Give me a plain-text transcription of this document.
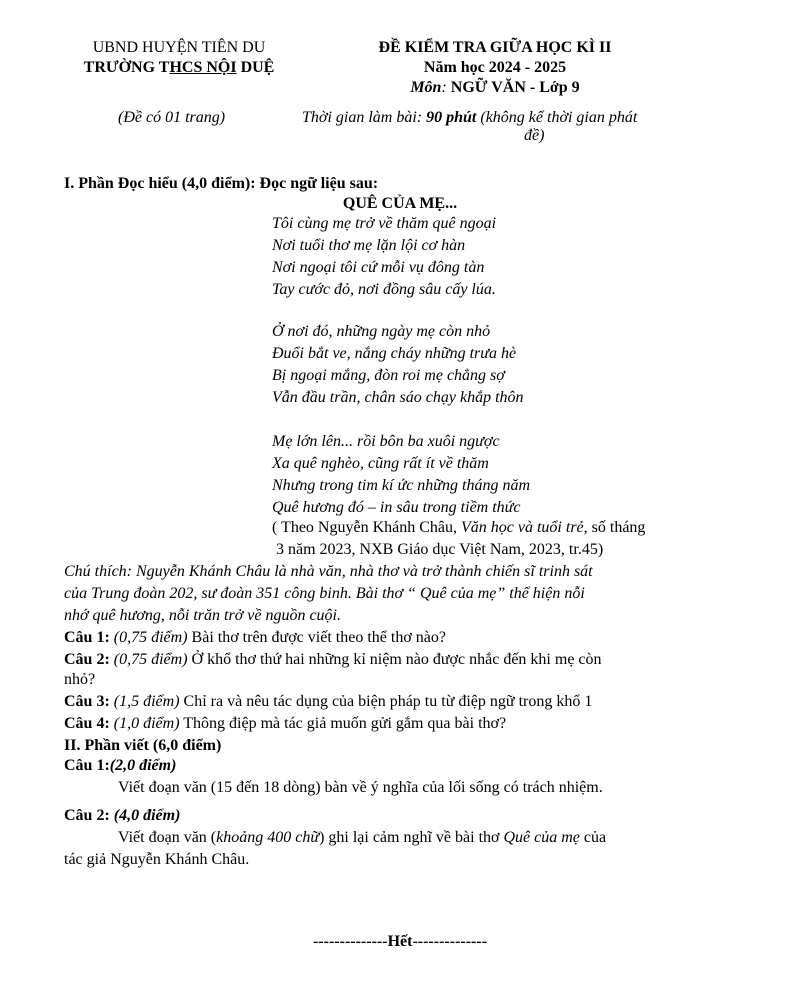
UBND HUYỆN TIÊN DU
TRƯỜNG THCS NỘI DUỆ
(Đề có 01 trang)
ĐỀ KIỂM TRA GIỮA HỌC KÌ II
Năm học 2024 - 2025
Môn: NGỮ VĂN - Lớp 9
Thời gian làm bài: 90 phút (không kể thời gian phát
đề)
I. Phần Đọc hiểu (4,0 điểm): Đọc ngữ liệu sau:
QUÊ CỦA MẸ...
Tôi cùng mẹ trở về thăm quê ngoại
Nơi tuổi thơ mẹ lặn lội cơ hàn
Nơi ngoại tôi cứ mỗi vụ đông tàn
Tay cước đỏ, nơi đồng sâu cấy lúa.
Ở nơi đó, những ngày mẹ còn nhỏ
Đuổi bắt ve, nắng cháy những trưa hè
Bị ngoại mắng, đòn roi mẹ chẳng sợ
Vẫn đầu trần, chân sáo chạy khắp thôn
Mẹ lớn lên... rồi bôn ba xuôi ngược
Xa quê nghèo, cũng rất ít về thăm
Nhưng trong tim kí ức những tháng năm
Quê hương đó – in sâu trong tiềm thức
( Theo Nguyễn Khánh Châu, Văn học và tuổi trẻ, số tháng
3 năm 2023, NXB Giáo dục Việt Nam, 2023, tr.45)
Chú thích: Nguyễn Khánh Châu là nhà văn, nhà thơ và trở thành chiến sĩ trinh sát
của Trung đoàn 202, sư đoàn 351 công binh. Bài thơ “ Quê của mẹ” thể hiện nỗi
nhớ quê hương, nỗi trăn trở về nguồn cuội.
Câu 1: (0,75 điểm) Bài thơ trên được viết theo thể thơ nào?
Câu 2: (0,75 điểm) Ở khổ thơ thứ hai những kỉ niệm nào được nhắc đến khi mẹ còn
nhỏ?
Câu 3: (1,5 điểm) Chỉ ra và nêu tác dụng của biện pháp tu từ điệp ngữ trong khổ 1
Câu 4: (1,0 điểm) Thông điệp mà tác giả muốn gửi gắm qua bài thơ?
II. Phần viết (6,0 điểm)
Câu 1:(2,0 điểm)
Viết đoạn văn (15 đến 18 dòng) bàn về ý nghĩa của lối sống có trách nhiệm.
Câu 2: (4,0 điểm)
Viết đoạn văn (khoảng 400 chữ) ghi lại cảm nghĩ về bài thơ Quê của mẹ của
tác giả Nguyễn Khánh Châu.
--------------Hết--------------
